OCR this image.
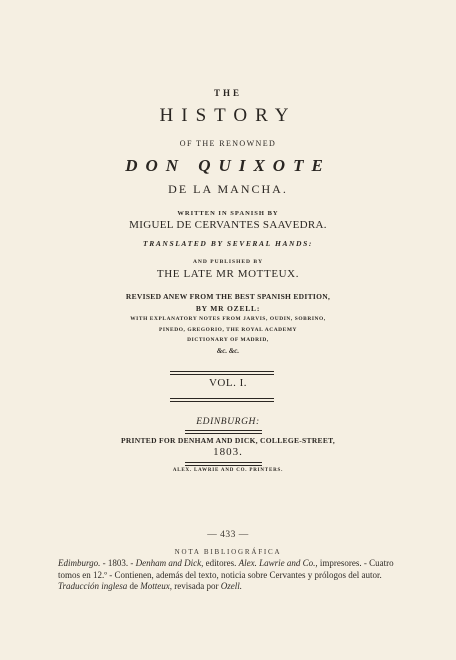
THE
HISTORY
OF THE RENOWNED
DON QUIXOTE
DE LA MANCHA.
WRITTEN IN SPANISH BY
MIGUEL DE CERVANTES SAAVEDRA.
TRANSLATED BY SEVERAL HANDS:
AND PUBLISHED BY
THE LATE MR MOTTEUX.
REVISED ANEW FROM THE BEST SPANISH EDITION,
BY MR OZELL:
WITH EXPLANATORY NOTES FROM JARVIS, OUDIN, SOBRINO,
PINEDO, GREGORIO, THE ROYAL ACADEMY
DICTIONARY OF MADRID,
&c. &c.
VOL. I.
EDINBURGH:
PRINTED FOR DENHAM AND DICK, COLLEGE-STREET,
1803.
ALEX. LAWRIE AND CO. PRINTERS.
— 433 —
NOTA BIBLIOGRÁFICA

Edimburgo. - 1803. - Denham and Dick, editores. Alex. Lawrie and Co., impresores. - Cuatro tomos en 12.º - Contienen, además del texto, noticia sobre Cervantes y prólogos del autor.

Traducción inglesa de Motteux, revisada por Ozell.
